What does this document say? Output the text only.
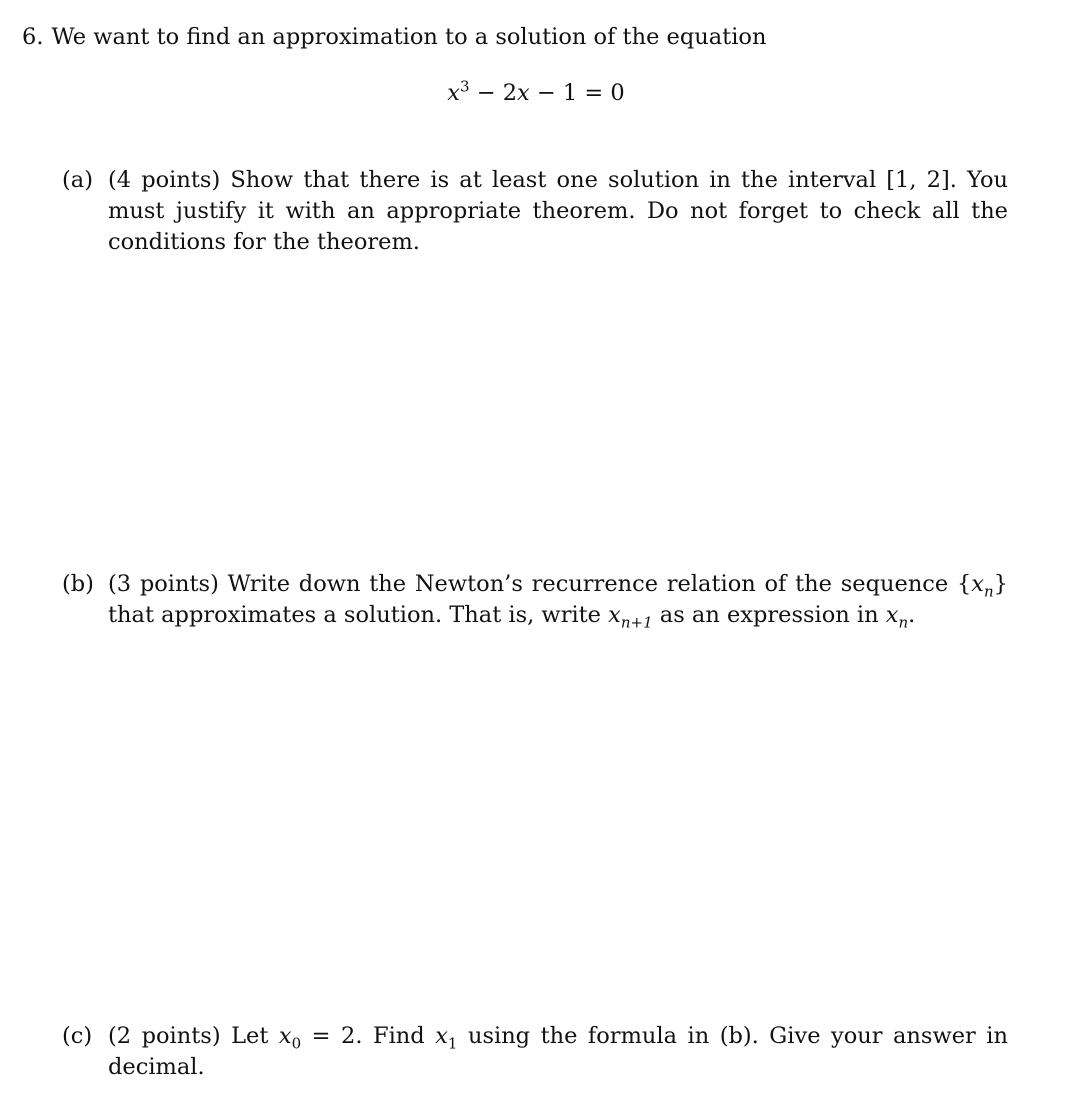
6. We want to find an approximation to a solution of the equation
$x^3 - 2x - 1 = 0$
(a) (4 points) Show that there is at least one solution in the interval [1, 2]. You must justify it with an appropriate theorem. Do not forget to check all the conditions for the theorem.
(b) (3 points) Write down the Newton’s recurrence relation of the sequence $\{x_n\}$ that approximates a solution. That is, write $x_{n+1}$ as an expression in $x_n$.
(c) (2 points) Let $x_0 = 2$. Find $x_1$ using the formula in (b). Give your answer in decimal.
